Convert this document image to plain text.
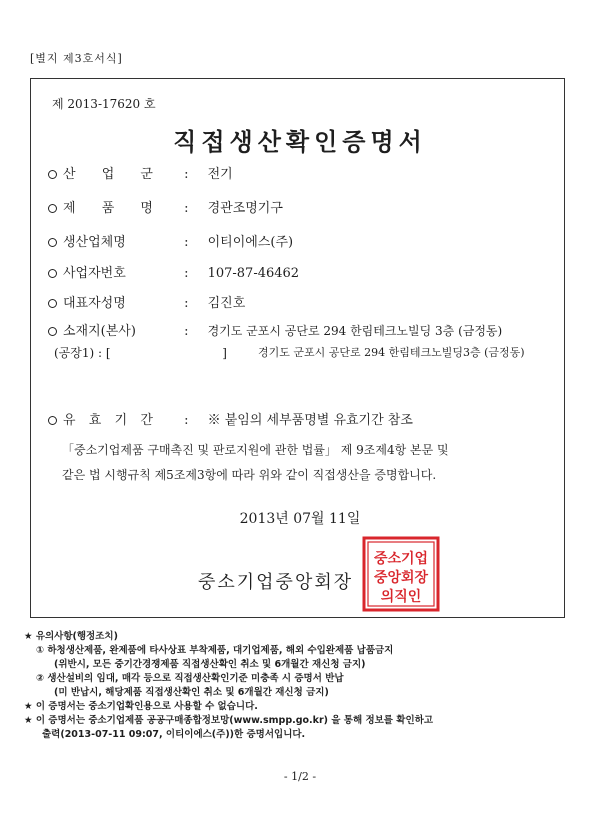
[별지 제3호서식]
제 2013-17620 호
직접생산확인증명서
산 업 군 : 전기
제 품 명 : 경관조명기구
생산업체명	: 이티이에스(주)
사업자번호	: 107-87-46462
대표자성명	: 김진호
소재지(본사)	: 경기도 군포시 공단로 294 한림테크노빌딩 3층 (금정동)
(공장1) : [	]	경기도 군포시 공단로 294 한림테크노빌딩3층 (금정동)
유 효 기 간 : ※ 붙임의 세부품명별 유효기간 참조
「중소기업제품 구매촉진 및 판로지원에 관한 법률」 제 9조제4항 본문 및
같은 법 시행규칙 제5조제3항에 따라 위와 같이 직접생산을 증명합니다.
2013년 07월 11일
중소기업중앙회장
중소기업
중앙회장
의직인
★ 유의사항(행정조치)
① 하청생산제품, 완제품에 타사상표 부착제품, 대기업제품, 해외 수입완제품 납품금지
(위반시, 모든 중기간경쟁제품 직접생산확인 취소 및 6개월간 재신청 금지)
② 생산설비의 임대, 매각 등으로 직접생산확인기준 미충족 시 증명서 반납
(미 반납시, 해당제품 직접생산확인 취소 및 6개월간 재신청 금지)
★ 이 증명서는 중소기업확인용으로 사용할 수 없습니다.
★ 이 증명서는 중소기업제품 공공구매종합정보망(www.smpp.go.kr) 을 통해 정보를 확인하고
출력(2013-07-11 09:07, 이티이에스(주))한 증명서입니다.
- 1/2 -
